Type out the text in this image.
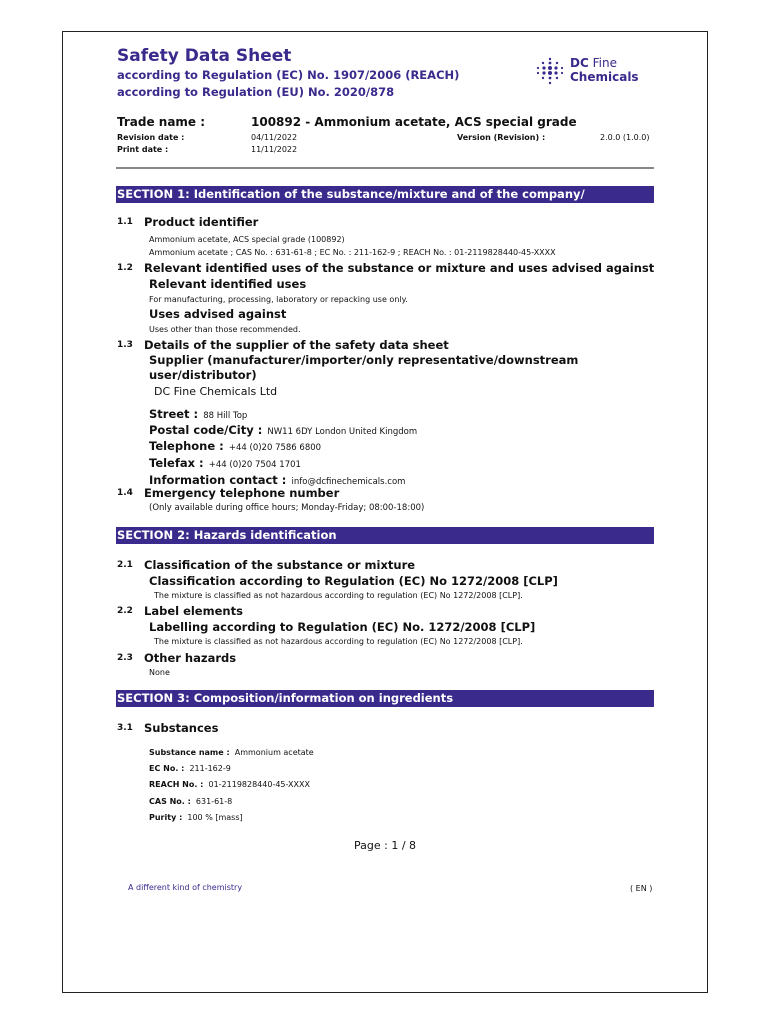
Safety Data Sheet
according to Regulation (EC) No. 1907/2006 (REACH)
according to Regulation (EU) No. 2020/878
DC Fine
Chemicals
Trade name :	100892 - Ammonium acetate, ACS special grade
Revision date :	04/11/2022
Print date :	11/11/2022
Version (Revision) :	2.0.0 (1.0.0)
SECTION 1: Identification of the substance/mixture and of the company/ undertaking
1.1 Product identifier
Ammonium acetate, ACS special grade (100892)
Ammonium acetate ; CAS No. : 631-61-8 ; EC No. : 211-162-9 ; REACH No. : 01-2119828440-45-XXXX
1.2 Relevant identified uses of the substance or mixture and uses advised against
Relevant identified uses
For manufacturing, processing, laboratory or repacking use only.
Uses advised against
Uses other than those recommended.
1.3 Details of the supplier of the safety data sheet
Supplier (manufacturer/importer/only representative/downstream
user/distributor)
DC Fine Chemicals Ltd
Street : 88 Hill Top
Postal code/City : NW11 6DY London United Kingdom
Telephone : +44 (0)20 7586 6800
Telefax : +44 (0)20 7504 1701
Information contact : info@dcfinechemicals.com
1.4 Emergency telephone number
(Only available during office hours; Monday-Friday; 08:00-18:00)
SECTION 2: Hazards identification
2.1 Classification of the substance or mixture
Classification according to Regulation (EC) No 1272/2008 [CLP]
The mixture is classified as not hazardous according to regulation (EC) No 1272/2008 [CLP].
2.2 Label elements
Labelling according to Regulation (EC) No. 1272/2008 [CLP]
The mixture is classified as not hazardous according to regulation (EC) No 1272/2008 [CLP].
2.3 Other hazards
None
SECTION 3: Composition/information on ingredients
3.1 Substances
Substance name : Ammonium acetate
EC No. : 211-162-9
REACH No. : 01-2119828440-45-XXXX
CAS No. : 631-61-8
Purity : 100 % [mass]
Page : 1 / 8
A different kind of chemistry	( EN )
